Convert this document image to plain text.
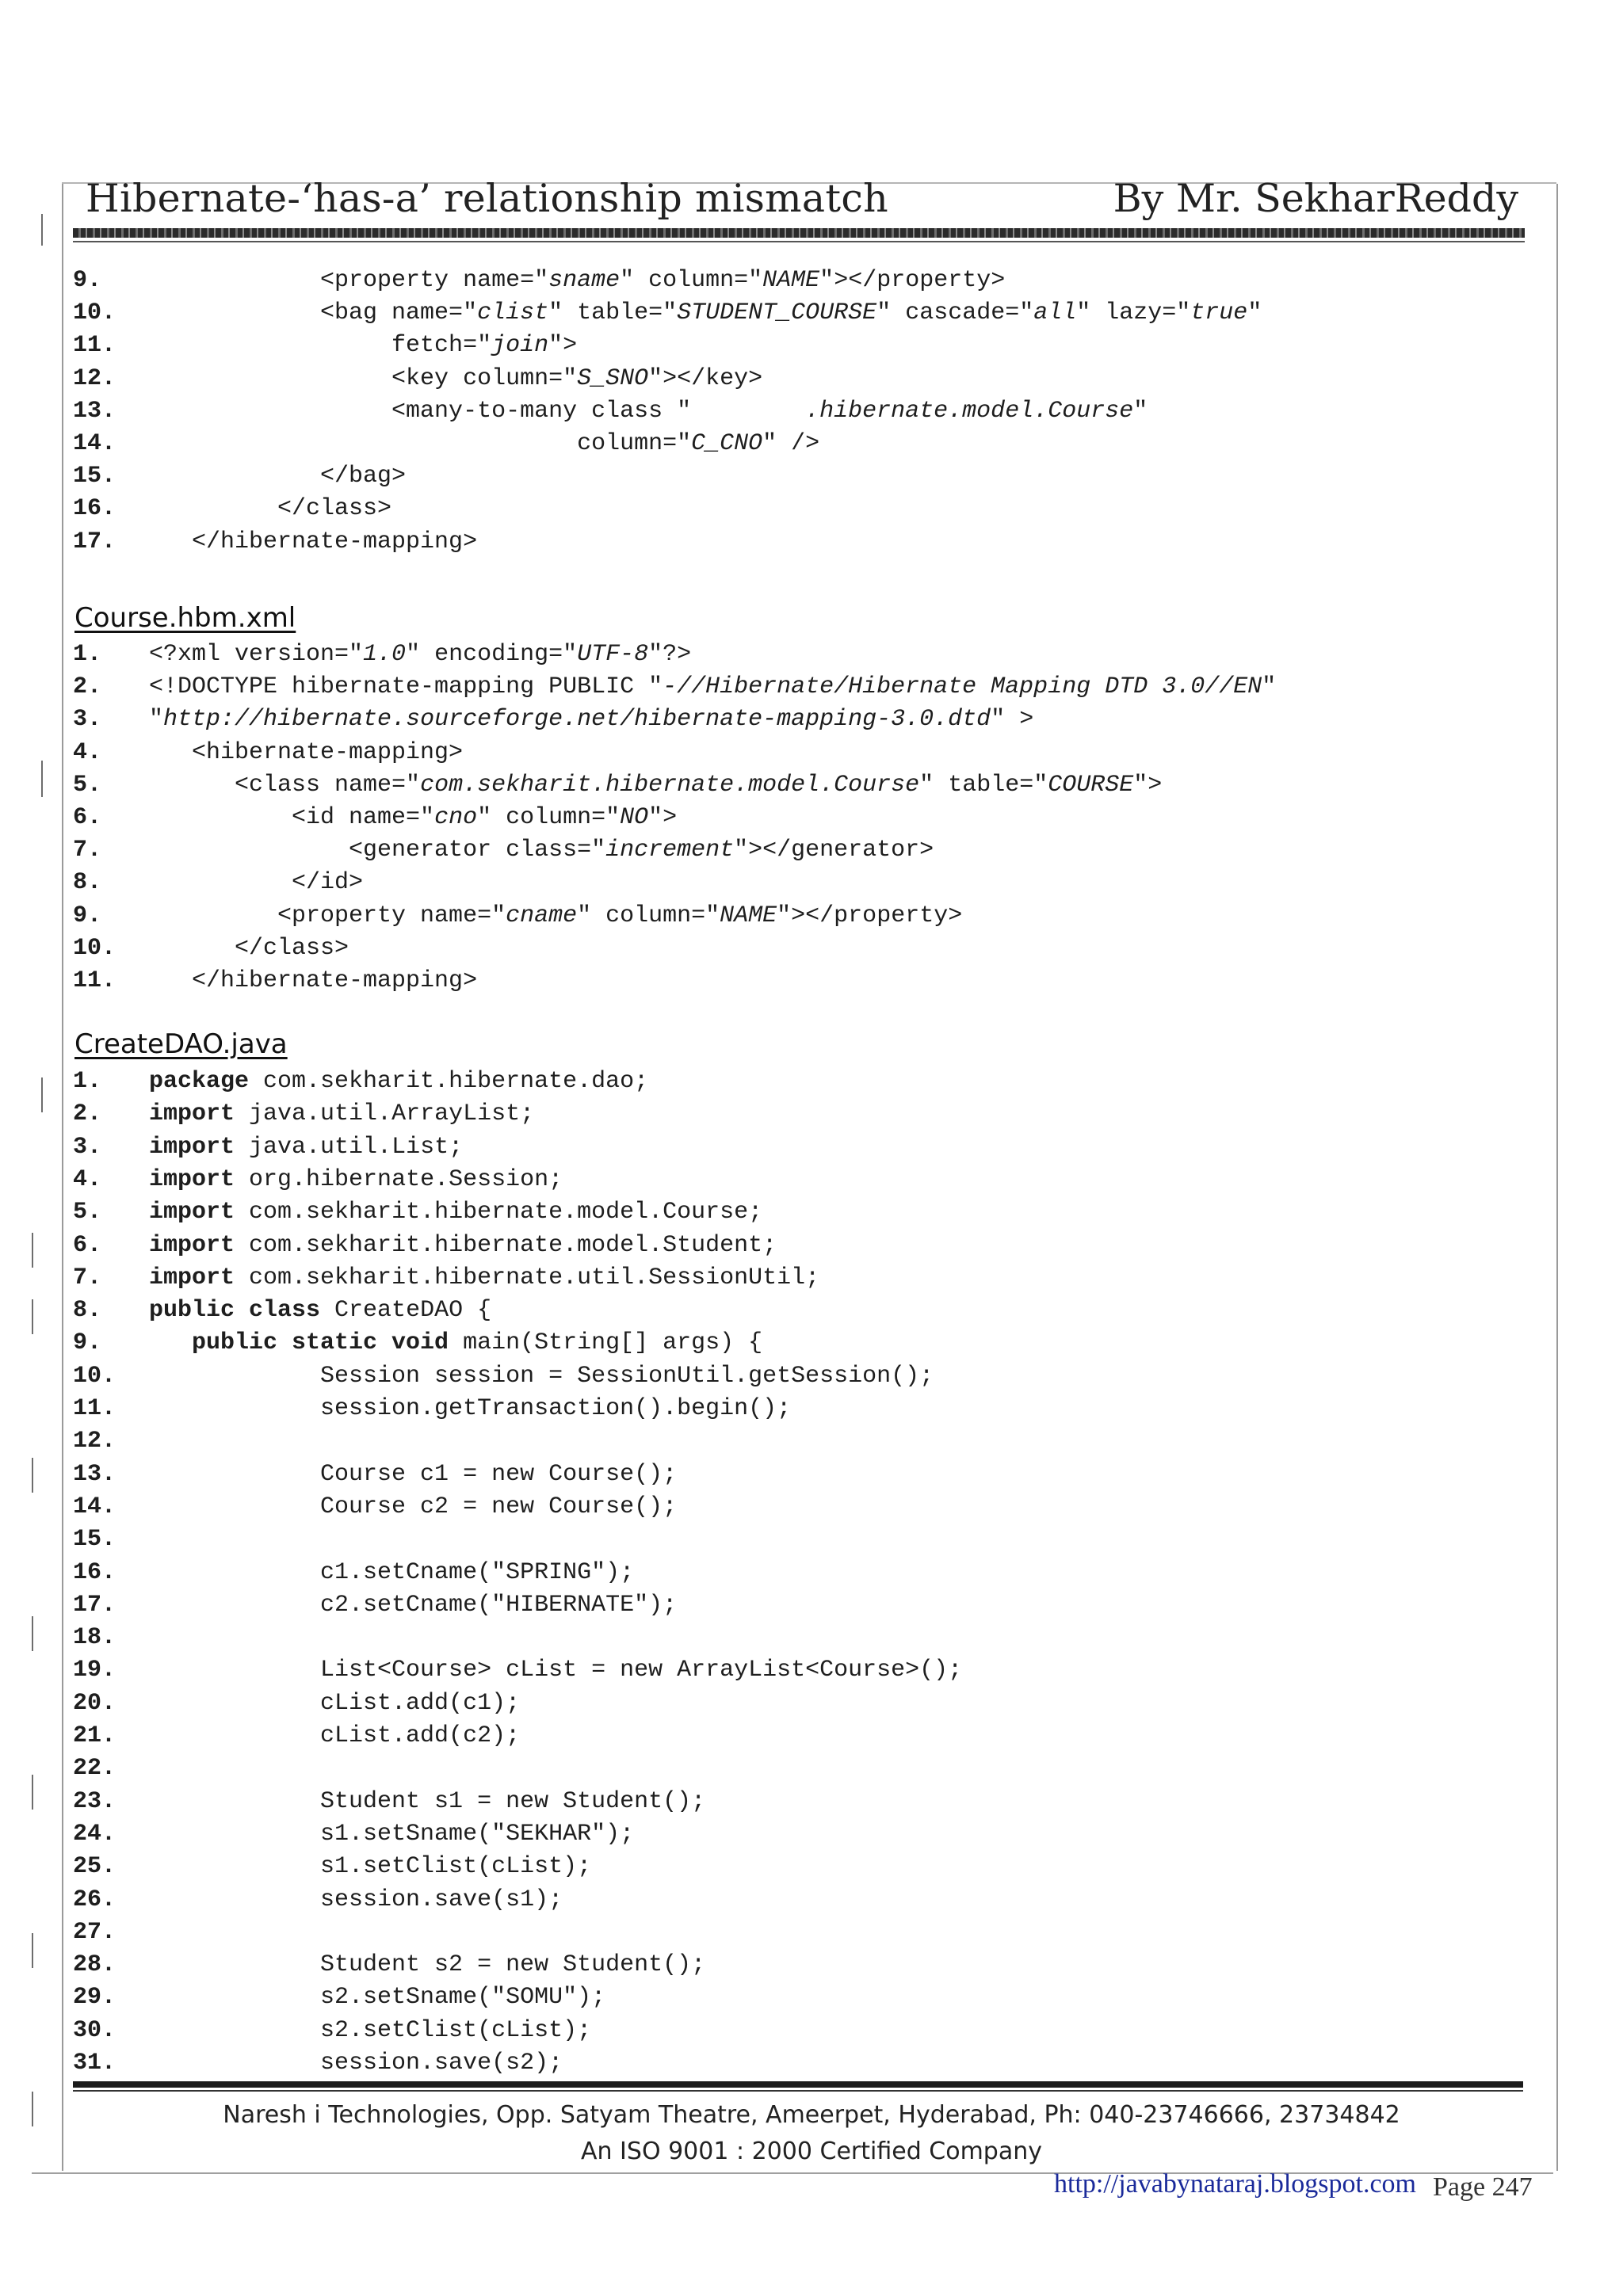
Hibernate-‘has-a’ relationship mismatch	By Mr. SekharReddy

9.            <property name="sname" column="NAME"></property>
10.            <bag name="clist" table="STUDENT_COURSE" cascade="all" lazy="true"
11.                 fetch="join">
12.                 <key column="S_SNO"></key>
13.                 <many-to-many class "        .hibernate.model.Course"
14.                              column="C_CNO" />
15.            </bag>
16.         </class>
17.   </hibernate-mapping>

Course.hbm.xml

1. <?xml version="1.0" encoding="UTF-8"?>
2. <!DOCTYPE hibernate-mapping PUBLIC "-//Hibernate/Hibernate Mapping DTD 3.0//EN"
3. "http://hibernate.sourceforge.net/hibernate-mapping-3.0.dtd" >
4.   <hibernate-mapping>
5.      <class name="com.sekharit.hibernate.model.Course" table="COURSE">
6.          <id name="cno" column="NO">
7.              <generator class="increment"></generator>
8.          </id>
9.         <property name="cname" column="NAME"></property>
10.      </class>
11.   </hibernate-mapping>

CreateDAO.java

1. package com.sekharit.hibernate.dao;
2. import java.util.ArrayList;
3. import java.util.List;
4. import org.hibernate.Session;
5. import com.sekharit.hibernate.model.Course;
6. import com.sekharit.hibernate.model.Student;
7. import com.sekharit.hibernate.util.SessionUtil;
8. public class CreateDAO {
9.   public static void main(String[] args) {
10.            Session session = SessionUtil.getSession();
11.            session.getTransaction().begin();
12.
13.            Course c1 = new Course();
14.            Course c2 = new Course();
15.
16.            c1.setCname("SPRING");
17.            c2.setCname("HIBERNATE");
18.
19.            List<Course> cList = new ArrayList<Course>();
20.            cList.add(c1);
21.            cList.add(c2);
22.
23.            Student s1 = new Student();
24.            s1.setSname("SEKHAR");
25.            s1.setClist(cList);
26.            session.save(s1);
27.
28.            Student s2 = new Student();
29.            s2.setSname("SOMU");
30.            s2.setClist(cList);
31.            session.save(s2);

Naresh i Technologies, Opp. Satyam Theatre, Ameerpet, Hyderabad, Ph: 040-23746666, 23734842
An ISO 9001 : 2000 Certified Company
http://javabynataraj.blogspot.com Page 247
